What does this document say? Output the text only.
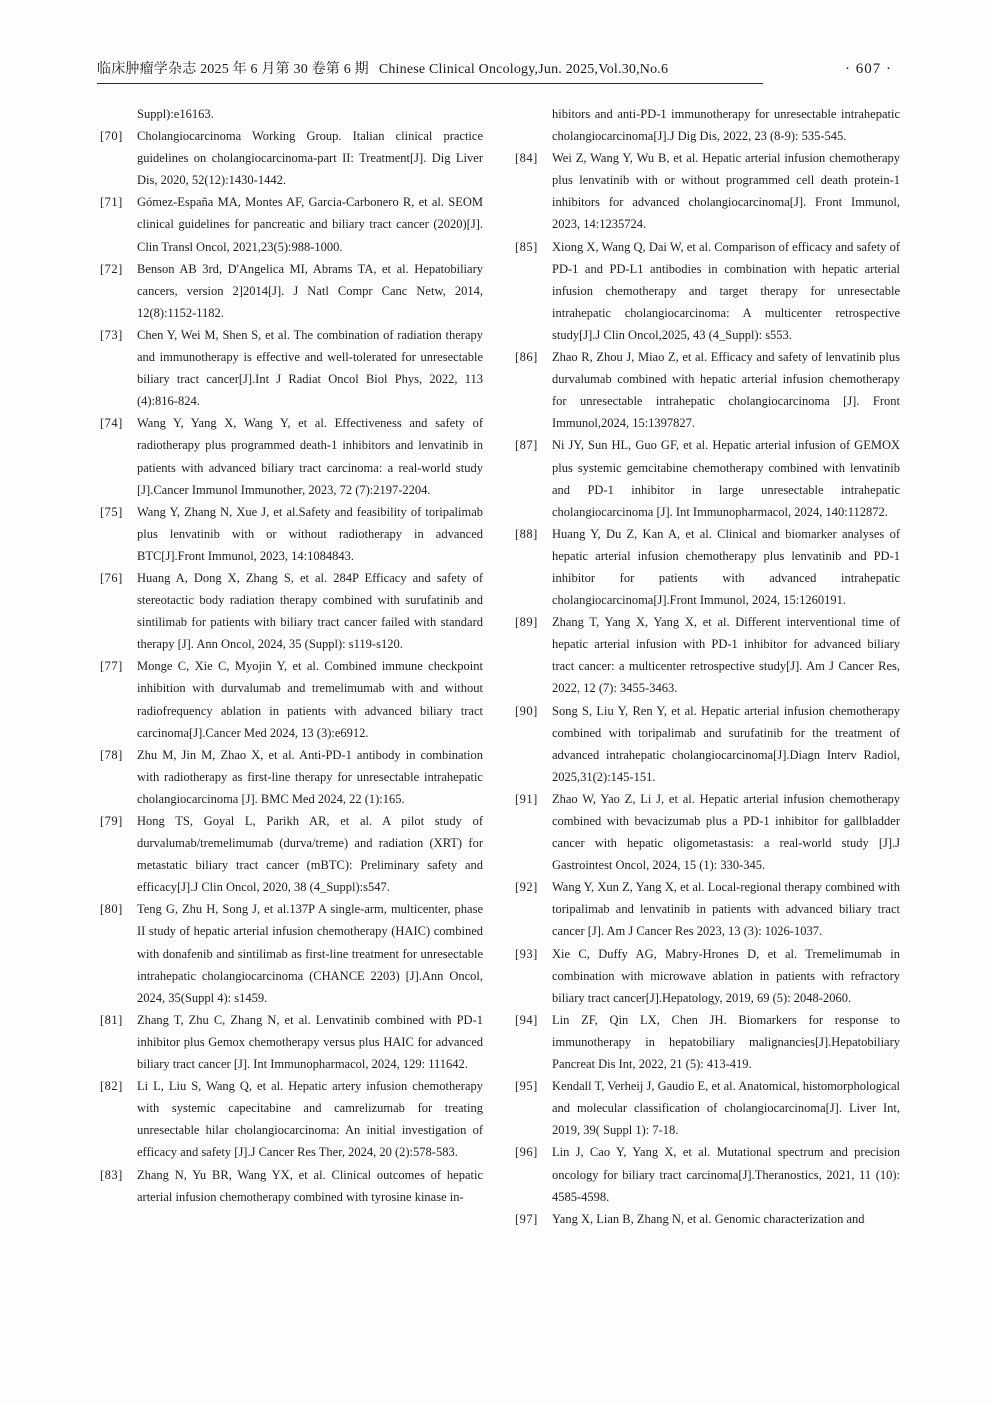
临床肿瘤学杂志 2025 年 6 月第 30 卷第 6 期 Chinese Clinical Oncology,Jun. 2025,Vol.30,No.6	· 607 ·
Suppl):e16163.
[70] Cholangiocarcinoma Working Group. Italian clinical practice guidelines on cholangiocarcinoma-part II: Treatment[J]. Dig Liver Dis, 2020, 52(12):1430-1442.
[71] Gómez-España MA, Montes AF, Garcia-Carbonero R, et al. SEOM clinical guidelines for pancreatic and biliary tract cancer (2020)[J]. Clin Transl Oncol, 2021,23(5):988-1000.
[72] Benson AB 3rd, D'Angelica MI, Abrams TA, et al. Hepatobiliary cancers, version 2]2014[J]. J Natl Compr Canc Netw, 2014, 12(8):1152-1182.
[73] Chen Y, Wei M, Shen S, et al. The combination of radiation therapy and immunotherapy is effective and well-tolerated for unresectable biliary tract cancer[J].Int J Radiat Oncol Biol Phys, 2022, 113 (4):816-824.
[74] Wang Y, Yang X, Wang Y, et al. Effectiveness and safety of radiotherapy plus programmed death-1 inhibitors and lenvatinib in patients with advanced biliary tract carcinoma: a real-world study [J].Cancer Immunol Immunother, 2023, 72 (7):2197-2204.
[75] Wang Y, Zhang N, Xue J, et al.Safety and feasibility of toripalimab plus lenvatinib with or without radiotherapy in advanced BTC[J].Front Immunol, 2023, 14:1084843.
[76] Huang A, Dong X, Zhang S, et al. 284P Efficacy and safety of stereotactic body radiation therapy combined with surufatinib and sintilimab for patients with biliary tract cancer failed with standard therapy [J]. Ann Oncol, 2024, 35 (Suppl): s119-s120.
[77] Monge C, Xie C, Myojin Y, et al. Combined immune checkpoint inhibition with durvalumab and tremelimumab with and without radiofrequency ablation in patients with advanced biliary tract carcinoma[J].Cancer Med 2024, 13 (3):e6912.
[78] Zhu M, Jin M, Zhao X, et al. Anti-PD-1 antibody in combination with radiotherapy as first-line therapy for unresectable intrahepatic cholangiocarcinoma [J]. BMC Med 2024, 22 (1):165.
[79] Hong TS, Goyal L, Parikh AR, et al. A pilot study of durvalumab/tremelimumab (durva/treme) and radiation (XRT) for metastatic biliary tract cancer (mBTC): Preliminary safety and efficacy[J].J Clin Oncol, 2020, 38 (4_Suppl):s547.
[80] Teng G, Zhu H, Song J, et al.137P A single-arm, multicenter, phase II study of hepatic arterial infusion chemotherapy (HAIC) combined with donafenib and sintilimab as first-line treatment for unresectable intrahepatic cholangiocarcinoma (CHANCE 2203) [J].Ann Oncol, 2024, 35(Suppl 4): s1459.
[81] Zhang T, Zhu C, Zhang N, et al. Lenvatinib combined with PD-1 inhibitor plus Gemox chemotherapy versus plus HAIC for advanced biliary tract cancer [J]. Int Immunopharmacol, 2024, 129: 111642.
[82] Li L, Liu S, Wang Q, et al. Hepatic artery infusion chemotherapy with systemic capecitabine and camrelizumab for treating unresectable hilar cholangiocarcinoma: An initial investigation of efficacy and safety [J].J Cancer Res Ther, 2024, 20 (2):578-583.
[83] Zhang N, Yu BR, Wang YX, et al. Clinical outcomes of hepatic arterial infusion chemotherapy combined with tyrosine kinase in-
hibitors and anti-PD-1 immunotherapy for unresectable intrahepatic cholangiocarcinoma[J].J Dig Dis, 2022, 23 (8-9): 535-545.
[84] Wei Z, Wang Y, Wu B, et al. Hepatic arterial infusion chemotherapy plus lenvatinib with or without programmed cell death protein-1 inhibitors for advanced cholangiocarcinoma[J]. Front Immunol, 2023, 14:1235724.
[85] Xiong X, Wang Q, Dai W, et al. Comparison of efficacy and safety of PD-1 and PD-L1 antibodies in combination with hepatic arterial infusion chemotherapy and target therapy for unresectable intrahepatic cholangiocarcinoma: A multicenter retrospective study[J].J Clin Oncol,2025, 43 (4_Suppl): s553.
[86] Zhao R, Zhou J, Miao Z, et al. Efficacy and safety of lenvatinib plus durvalumab combined with hepatic arterial infusion chemotherapy for unresectable intrahepatic cholangiocarcinoma [J]. Front Immunol,2024, 15:1397827.
[87] Ni JY, Sun HL, Guo GF, et al. Hepatic arterial infusion of GEMOX plus systemic gemcitabine chemotherapy combined with lenvatinib and PD-1 inhibitor in large unresectable intrahepatic cholangiocarcinoma [J]. Int Immunopharmacol, 2024, 140:112872.
[88] Huang Y, Du Z, Kan A, et al. Clinical and biomarker analyses of hepatic arterial infusion chemotherapy plus lenvatinib and PD-1 inhibitor for patients with advanced intrahepatic cholangiocarcinoma[J].Front Immunol, 2024, 15:1260191.
[89] Zhang T, Yang X, Yang X, et al. Different interventional time of hepatic arterial infusion with PD-1 inhibitor for advanced biliary tract cancer: a multicenter retrospective study[J]. Am J Cancer Res, 2022, 12 (7): 3455-3463.
[90] Song S, Liu Y, Ren Y, et al. Hepatic arterial infusion chemotherapy combined with toripalimab and surufatinib for the treatment of advanced intrahepatic cholangiocarcinoma[J].Diagn Interv Radiol, 2025,31(2):145-151.
[91] Zhao W, Yao Z, Li J, et al. Hepatic arterial infusion chemotherapy combined with bevacizumab plus a PD-1 inhibitor for gallbladder cancer with hepatic oligometastasis: a real-world study [J].J Gastrointest Oncol, 2024, 15 (1): 330-345.
[92] Wang Y, Xun Z, Yang X, et al. Local-regional therapy combined with toripalimab and lenvatinib in patients with advanced biliary tract cancer [J]. Am J Cancer Res 2023, 13 (3): 1026-1037.
[93] Xie C, Duffy AG, Mabry-Hrones D, et al. Tremelimumab in combination with microwave ablation in patients with refractory biliary tract cancer[J].Hepatology, 2019, 69 (5): 2048-2060.
[94] Lin ZF, Qin LX, Chen JH. Biomarkers for response to immunotherapy in hepatobiliary malignancies[J].Hepatobiliary Pancreat Dis Int, 2022, 21 (5): 413-419.
[95] Kendall T, Verheij J, Gaudio E, et al. Anatomical, histomorphological and molecular classification of cholangiocarcinoma[J]. Liver Int, 2019, 39( Suppl 1): 7-18.
[96] Lin J, Cao Y, Yang X, et al. Mutational spectrum and precision oncology for biliary tract carcinoma[J].Theranostics, 2021, 11 (10): 4585-4598.
[97] Yang X, Lian B, Zhang N, et al. Genomic characterization and
